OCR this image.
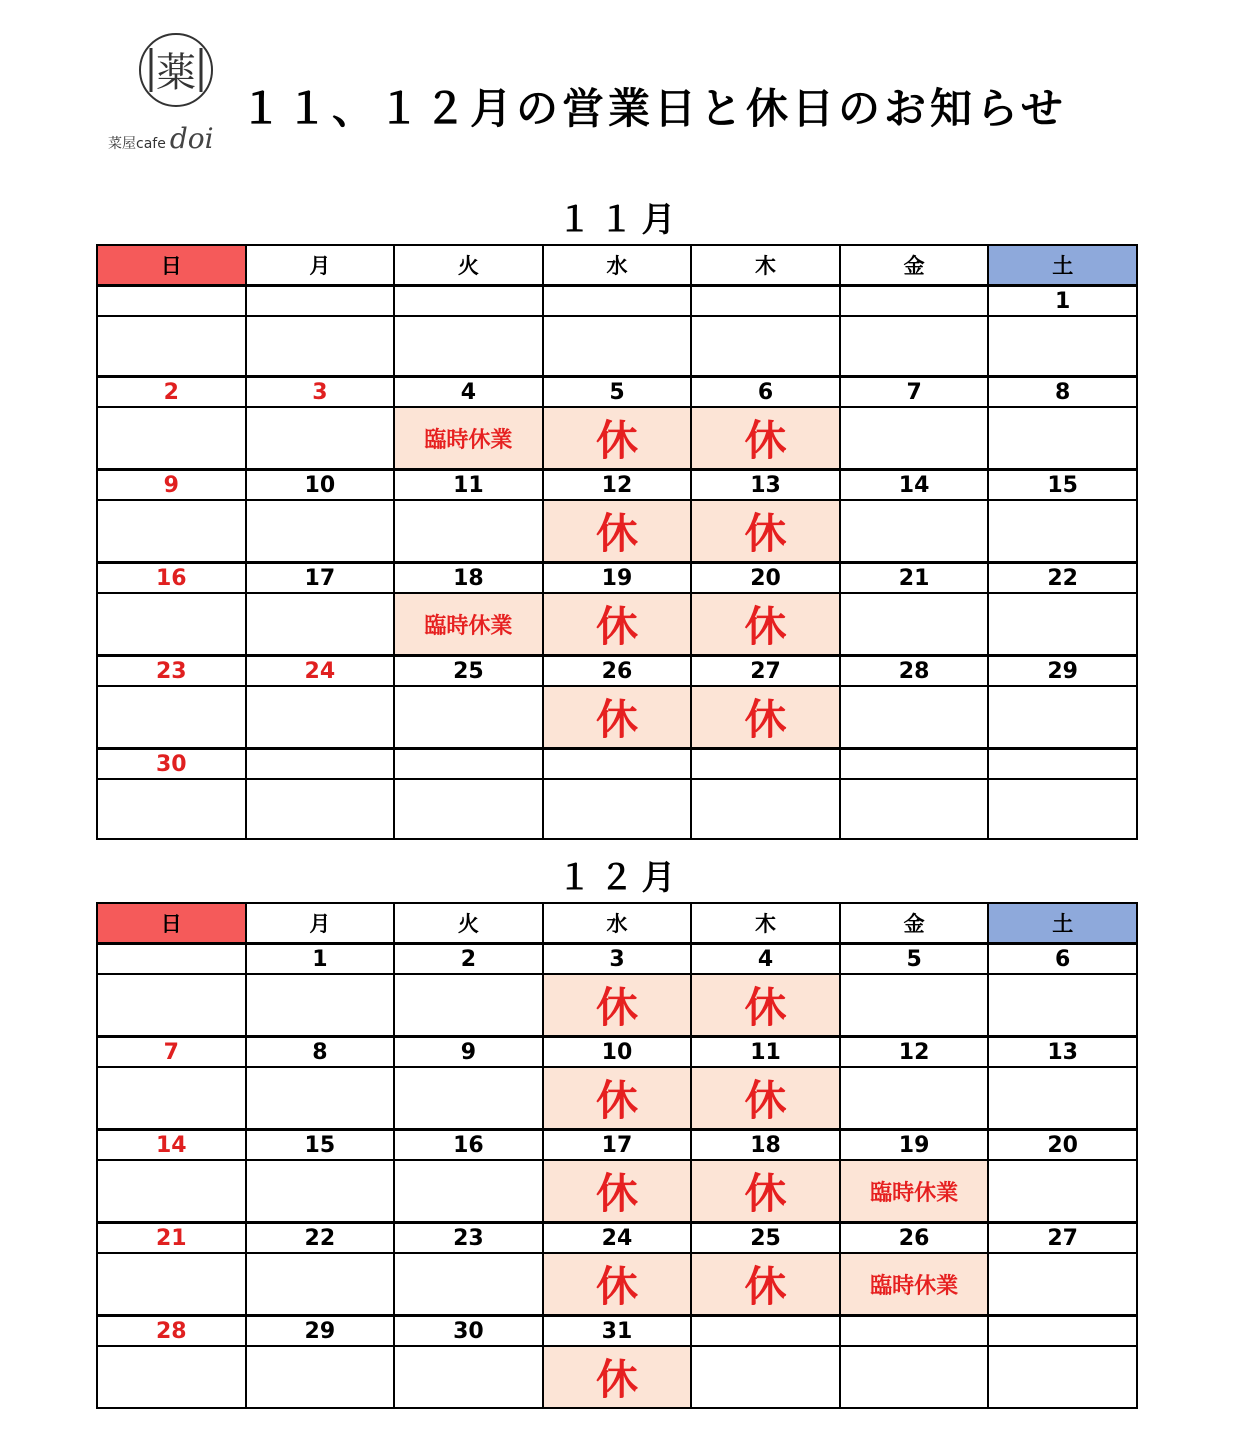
薬
菜屋cafe doi
１１、１２月の営業日と休日のお知らせ
１１月
日	月	火	水	木	金	土
						1

2	3	4	5	6	7	8
		臨時休業	休	休		
9	10	11	12	13	14	15
			休	休		
16	17	18	19	20	21	22
		臨時休業	休	休		
23	24	25	26	27	28	29
			休	休		
30						

１２月
日	月	火	水	木	金	土
	1	2	3	4	5	6
			休	休		
7	8	9	10	11	12	13
			休	休		
14	15	16	17	18	19	20
			休	休	臨時休業	
21	22	23	24	25	26	27
			休	休	臨時休業	
28	29	30	31			
			休			
